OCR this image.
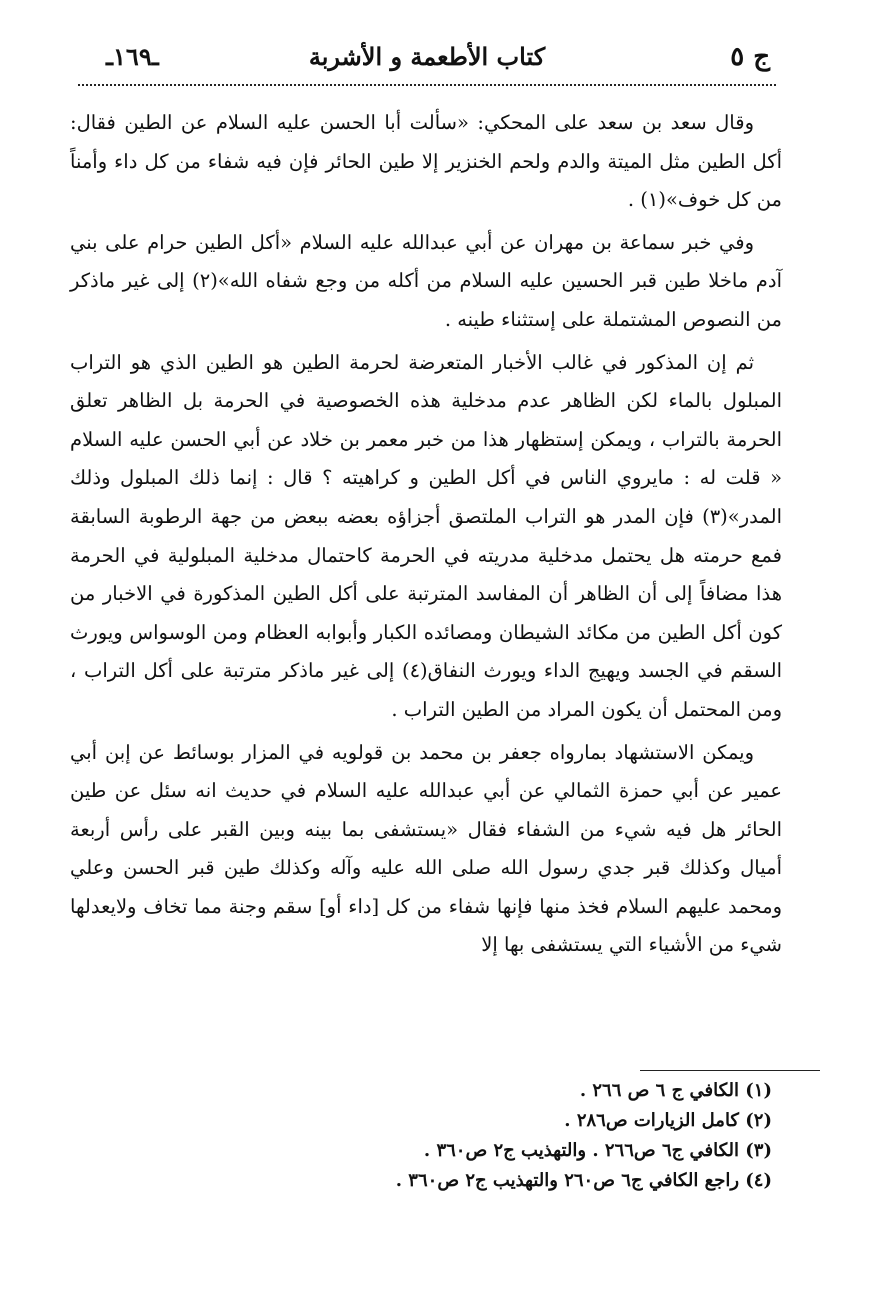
ج ٥
كتاب الأطعمة و الأشربة
ـ١٦٩ـ

وقال سعد بن سعد على المحكي: «سألت أبا الحسن عليه السلام عن الطين فقال: أكل الطين مثل الميتة والدم ولحم الخنزير إلا طين الحائر فإن فيه شفاء من كل داء وأمناً من كل خوف»(١) .

وفي خبر سماعة بن مهران عن أبي عبدالله عليه السلام «أكل الطين حرام على بني آدم ماخلا طين قبر الحسين عليه السلام من أكله من وجع شفاه الله»(٢) إلى غير ماذكر من النصوص المشتملة على إستثناء طينه .

ثم إن المذكور في غالب الأخبار المتعرضة لحرمة الطين هو الطين الذي هو التراب المبلول بالماء لكن الظاهر عدم مدخلية هذه الخصوصية في الحرمة بل الظاهر تعلق الحرمة بالتراب ، ويمكن إستظهار هذا من خبر معمر بن خلاد عن أبي الحسن عليه السلام « قلت له : مايروي الناس في أكل الطين و كراهيته ؟ قال : إنما ذلك المبلول وذلك المدر»(٣) فإن المدر هو التراب الملتصق أجزاؤه بعضه ببعض من جهة الرطوبة السابقة فمع حرمته هل يحتمل مدخلية مدريته في الحرمة كاحتمال مدخلية المبلولية في الحرمة هذا مضافاً إلى أن الظاهر أن المفاسد المترتبة على أكل الطين المذكورة في الاخبار من كون أكل الطين من مكائد الشيطان ومصائده الكبار وأبوابه العظام ومن الوسواس ويورث السقم في الجسد ويهيج الداء ويورث النفاق(٤) إلى غير ماذكر مترتبة على أكل التراب ، ومن المحتمل أن يكون المراد من الطين التراب .

ويمكن الاستشهاد بمارواه جعفر بن محمد بن قولويه في المزار بوسائط عن إبن أبي عمير عن أبي حمزة الثمالي عن أبي عبدالله عليه السلام في حديث انه سئل عن طين الحائر هل فيه شيء من الشفاء فقال «يستشفى بما بينه وبين القبر على رأس أربعة أميال وكذلك قبر جدي رسول الله صلى الله عليه وآله وكذلك طين قبر الحسن وعلي ومحمد عليهم السلام فخذ منها فإنها شفاء من كل [داء أو] سقم وجنة مما تخاف ولايعدلها شيء من الأشياء التي يستشفى بها إلا

(١) الكافي ج ٦ ص ٢٦٦ .
(٢) كامل الزيارات ص٢٨٦ .
(٣) الكافي ج٦ ص٢٦٦ . والتهذيب ج٢ ص٣٦٠ .
(٤) راجع الكافي ج٦ ص٢٦٠ والتهذيب ج٢ ص٣٦٠ .
